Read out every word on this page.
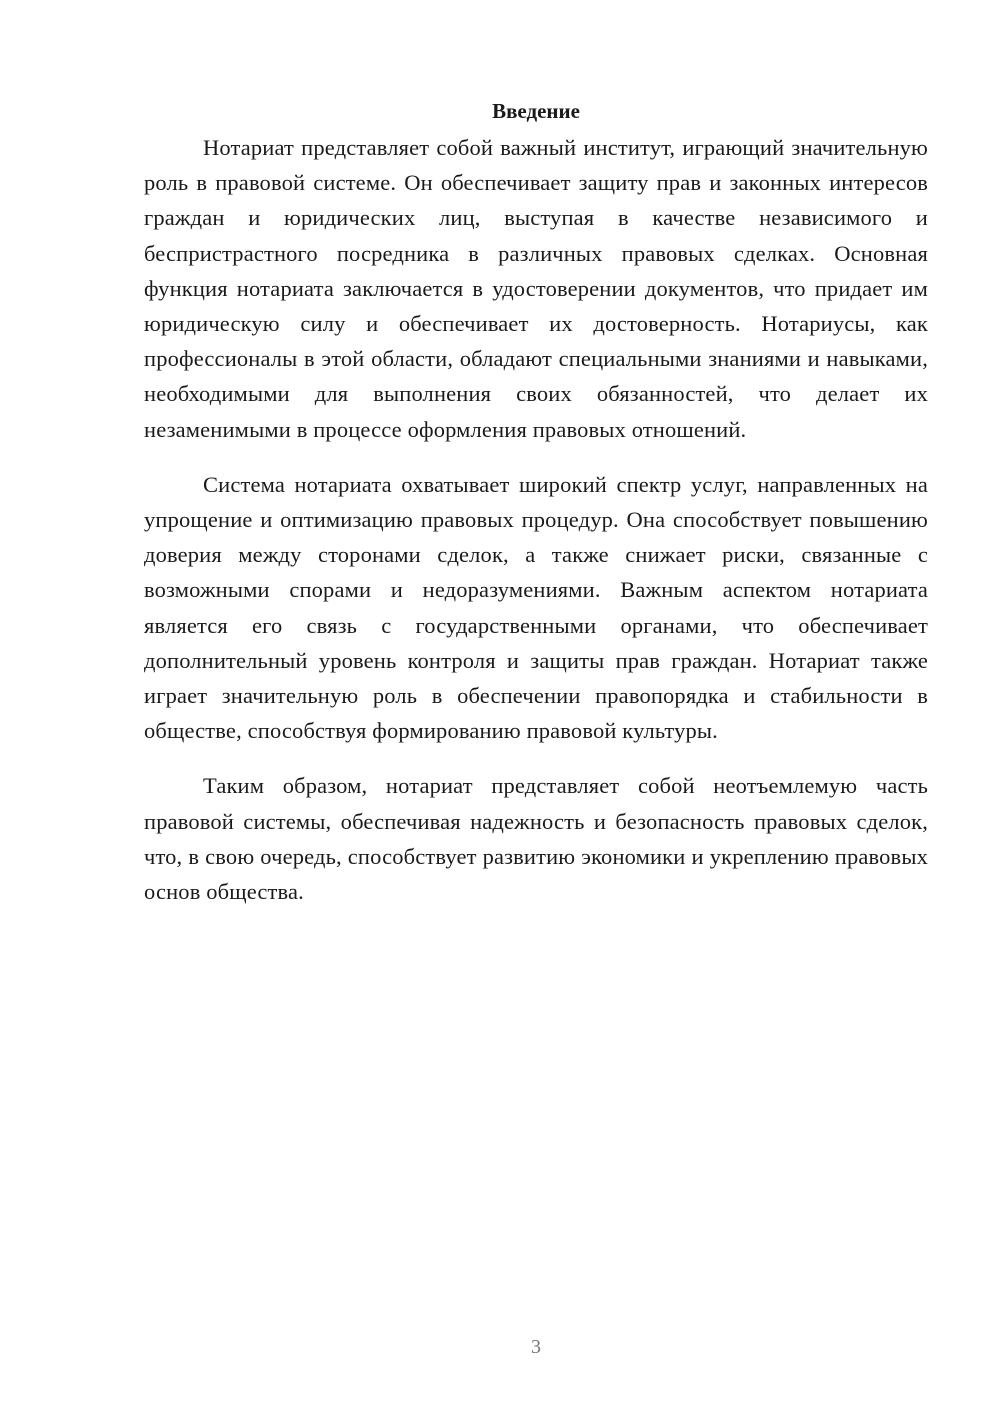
Введение

Нотариат представляет собой важный институт, играющий значительную роль в правовой системе. Он обеспечивает защиту прав и законных интересов граждан и юридических лиц, выступая в качестве независимого и беспристрастного посредника в различных правовых сделках. Основная функция нотариата заключается в удостоверении документов, что придает им юридическую силу и обеспечивает их достоверность. Нотариусы, как профессионалы в этой области, обладают специальными знаниями и навыками, необходимыми для выполнения своих обязанностей, что делает их незаменимыми в процессе оформления правовых отношений.

Система нотариата охватывает широкий спектр услуг, направленных на упрощение и оптимизацию правовых процедур. Она способствует повышению доверия между сторонами сделок, а также снижает риски, связанные с возможными спорами и недоразумениями. Важным аспектом нотариата является его связь с государственными органами, что обеспечивает дополнительный уровень контроля и защиты прав граждан. Нотариат также играет значительную роль в обеспечении правопорядка и стабильности в обществе, способствуя формированию правовой культуры.

Таким образом, нотариат представляет собой неотъемлемую часть правовой системы, обеспечивая надежность и безопасность правовых сделок, что, в свою очередь, способствует развитию экономики и укреплению правовых основ общества.

3
